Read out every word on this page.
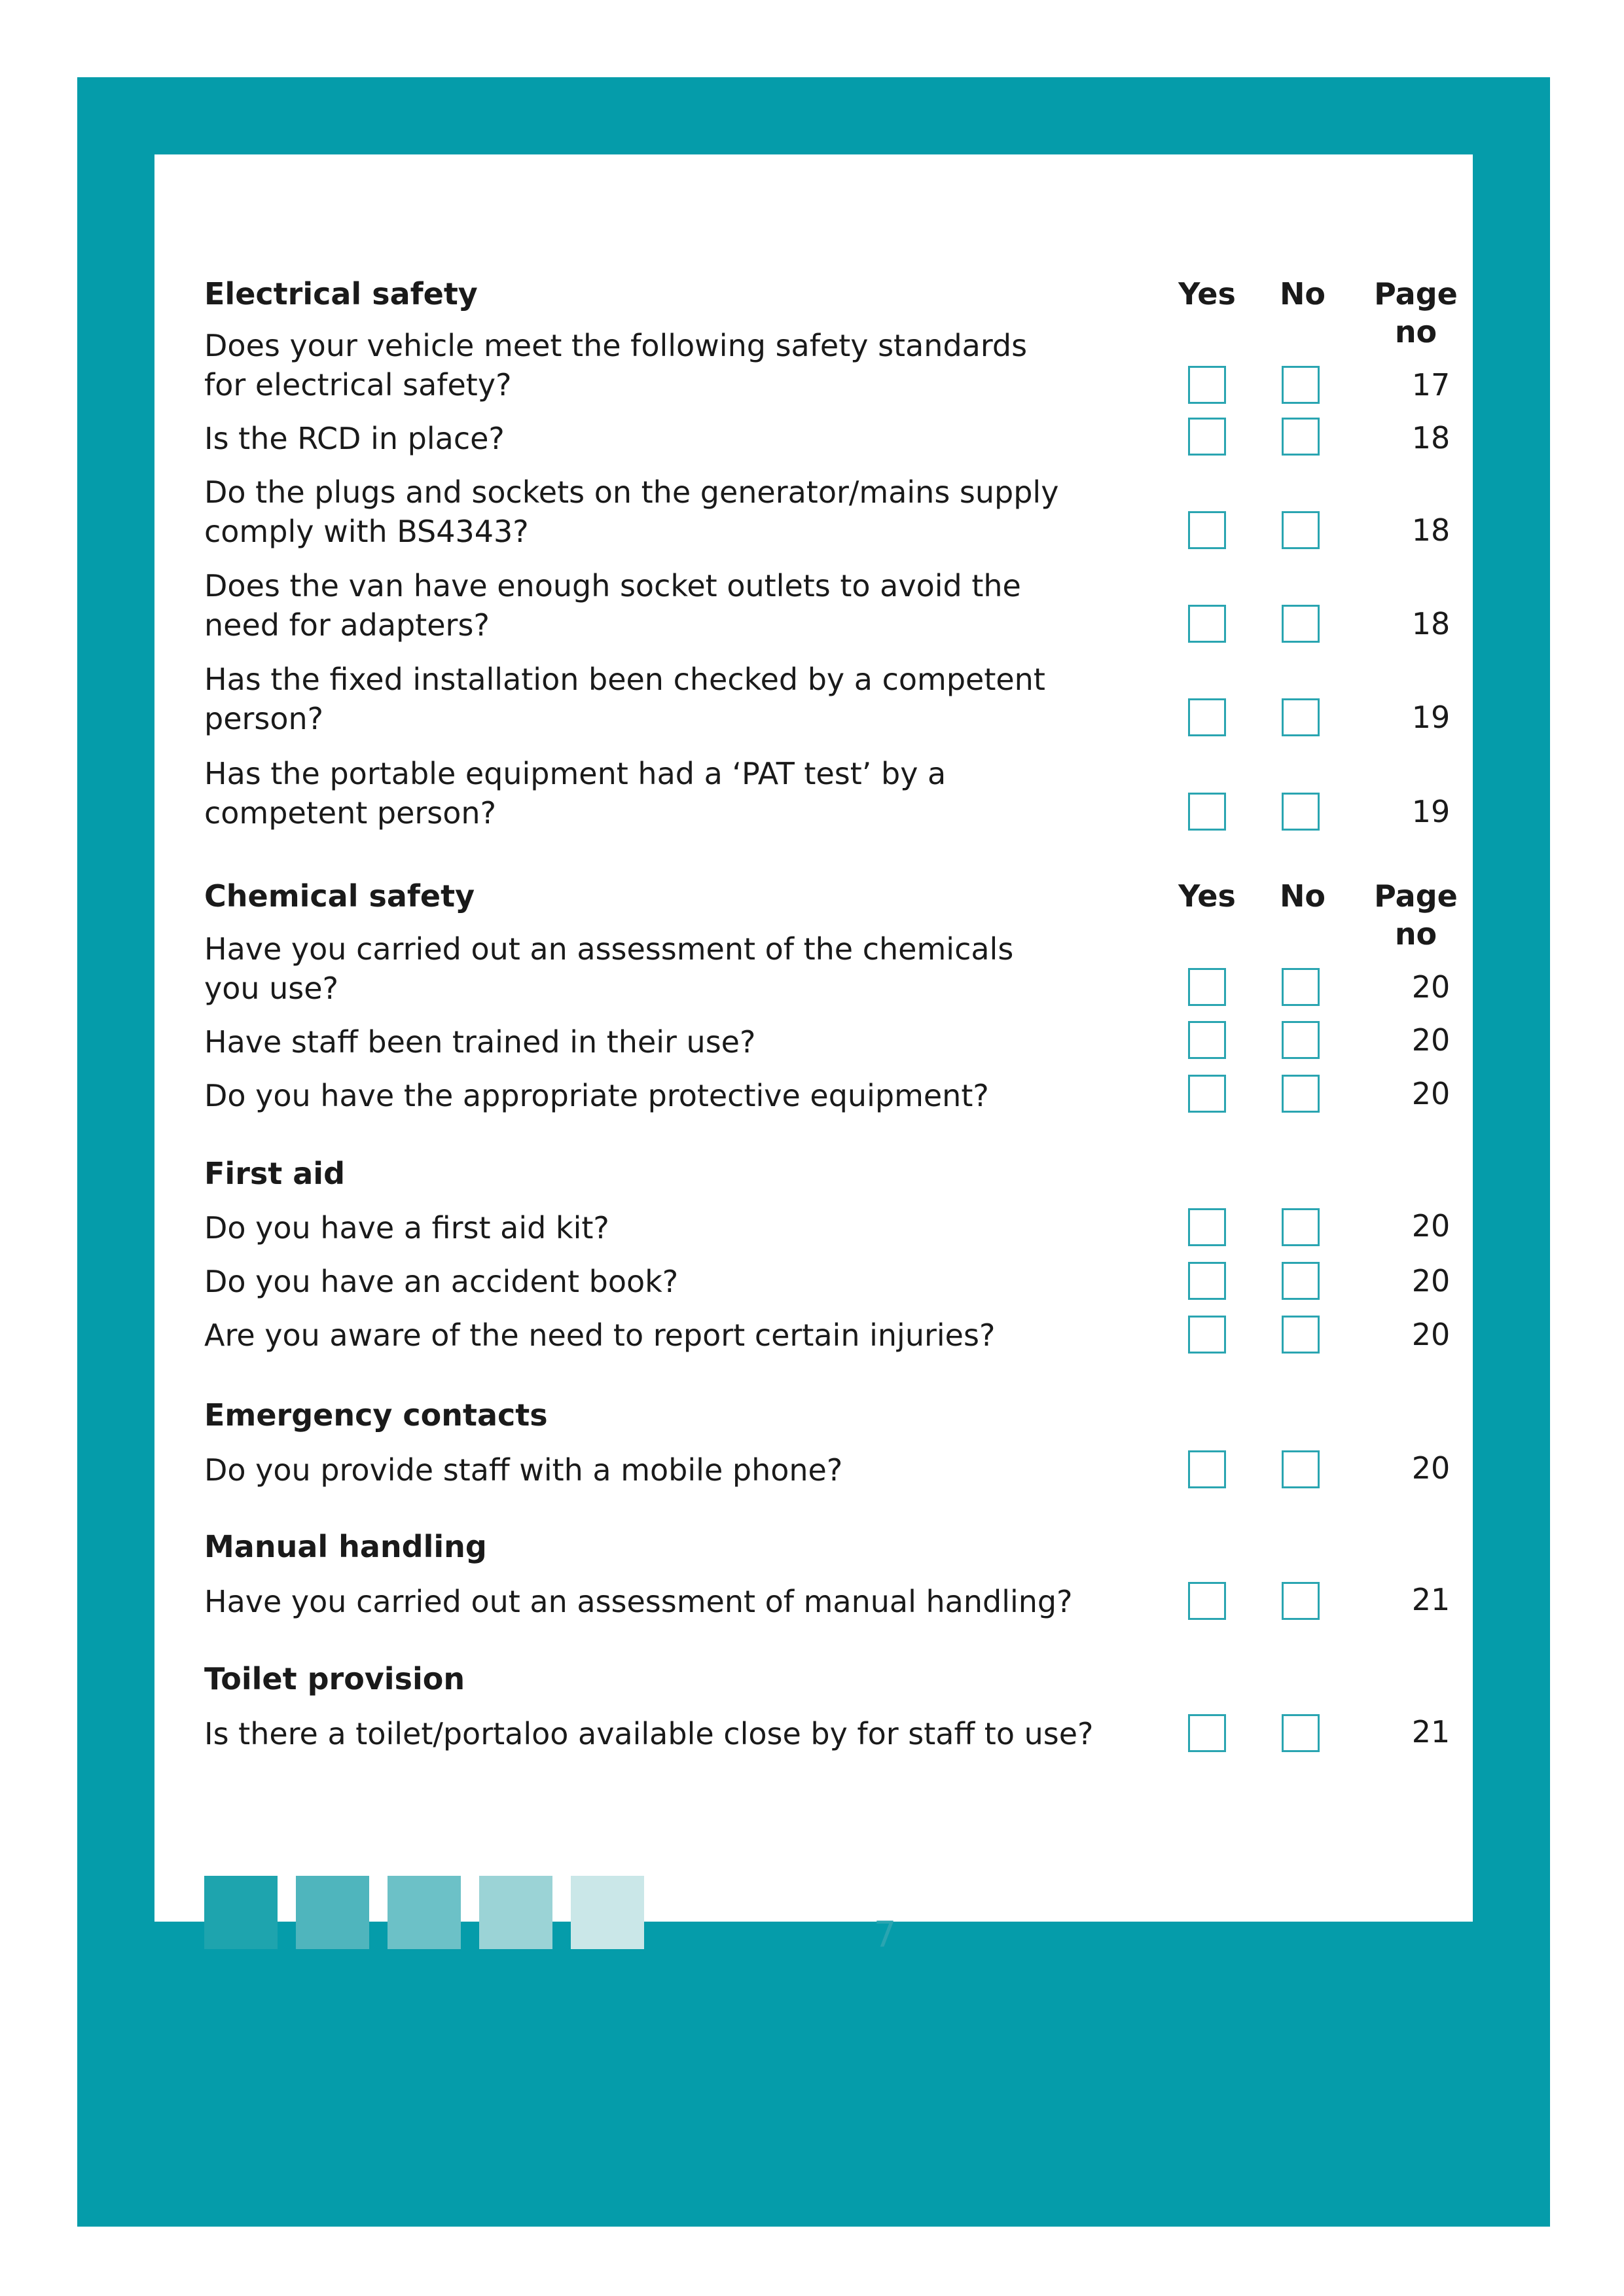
Electrical safety	Yes	No	Page no
Does your vehicle meet the following safety standards
for electrical safety?	17
Is the RCD in place?	18
Do the plugs and sockets on the generator/mains supply
comply with BS4343?	18
Does the van have enough socket outlets to avoid the
need for adapters?	18
Has the fixed installation been checked by a competent
person?	19
Has the portable equipment had a ‘PAT test’ by a
competent person?	19
Chemical safety	Yes	No	Page no
Have you carried out an assessment of the chemicals
you use?	20
Have staff been trained in their use?	20
Do you have the appropriate protective equipment?	20
First aid
Do you have a first aid kit?	20
Do you have an accident book?	20
Are you aware of the need to report certain injuries?	20
Emergency contacts
Do you provide staff with a mobile phone?	20
Manual handling
Have you carried out an assessment of manual handling?	21
Toilet provision
Is there a toilet/portaloo available close by for staff to use?	21
7
